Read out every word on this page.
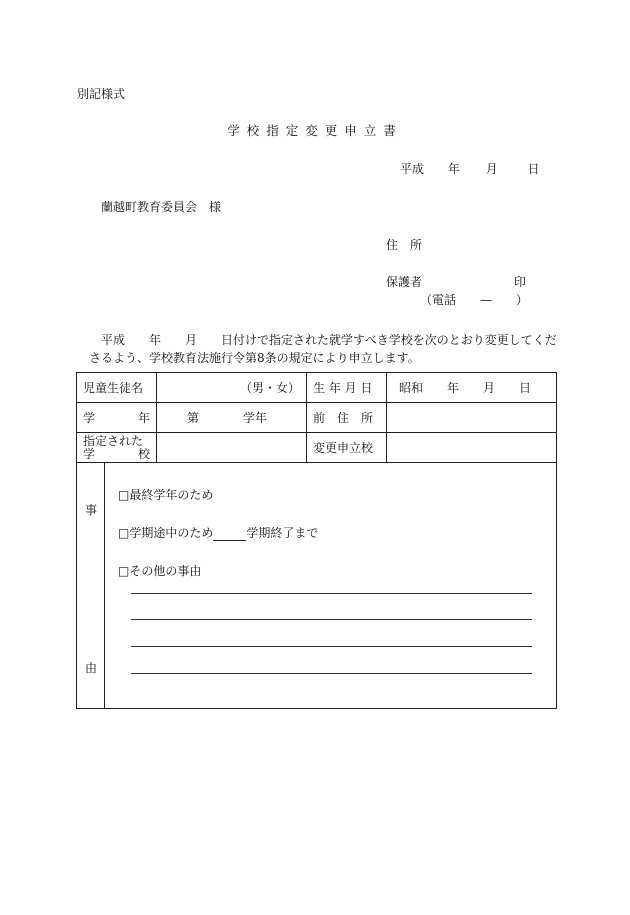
別記様式
学校指定変更申立書
平成 年 月 日
蘭越町教育委員会　様
住　所
保護者	印
（電話　　—　　）
平成　　年　　月　　日付けで指定された就学すべき学校を次のとおり変更してくだ
さるよう、学校教育法施行令第8条の規定により申立します。
児童生徒名	（男・女）	生 年 月 日	昭和　　年　　月　　日

学 年	第 学年	前　住　所	

指定された
学 校		変更申立校	

事
由
□最終学年のため
□学期途中のため 学期終了まで
□その他の事由			
